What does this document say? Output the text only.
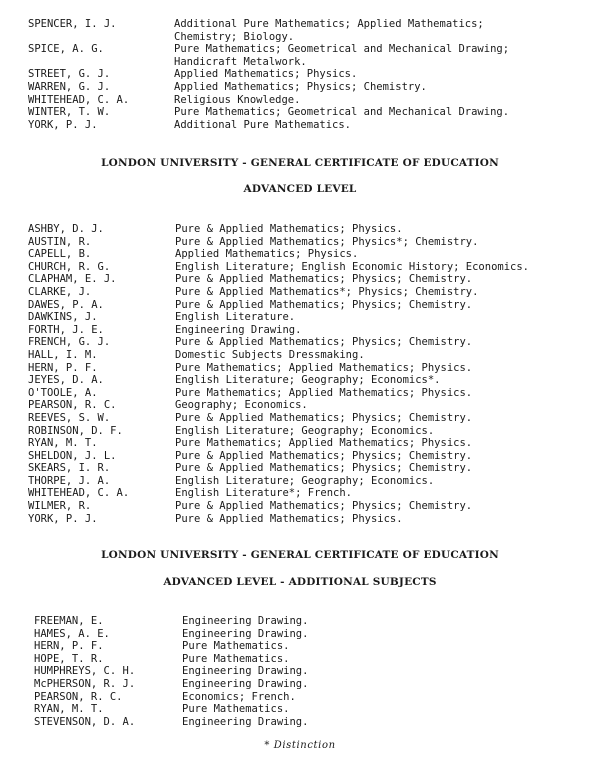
SPENCER, I. J.	Additional Pure Mathematics; Applied Mathematics;
Chemistry; Biology.
SPICE, A. G.	Pure Mathematics; Geometrical and Mechanical Drawing;
Handicraft Metalwork.
STREET, G. J.	Applied Mathematics; Physics.
WARREN, G. J.	Applied Mathematics; Physics; Chemistry.
WHITEHEAD, C. A.	Religious Knowledge.
WINTER, T. W.	Pure Mathematics; Geometrical and Mechanical Drawing.
YORK, P. J.	Additional Pure Mathematics.
LONDON UNIVERSITY - GENERAL CERTIFICATE OF EDUCATION
ADVANCED LEVEL
ASHBY, D. J.	Pure & Applied Mathematics; Physics.
AUSTIN, R.	Pure & Applied Mathematics; Physics*; Chemistry.
CAPELL, B.	Applied Mathematics; Physics.
CHURCH, R. G.	English Literature; English Economic History; Economics.
CLAPHAM, E. J.	Pure & Applied Mathematics; Physics; Chemistry.
CLARKE, J.	Pure & Applied Mathematics*; Physics; Chemistry.
DAWES, P. A.	Pure & Applied Mathematics; Physics; Chemistry.
DAWKINS, J.	English Literature.
FORTH, J. E.	Engineering Drawing.
FRENCH, G. J.	Pure & Applied Mathematics; Physics; Chemistry.
HALL, I. M.	Domestic Subjects Dressmaking.
HERN, P. F.	Pure Mathematics; Applied Mathematics; Physics.
JEYES, D. A.	English Literature; Geography; Economics*.
O'TOOLE, A.	Pure Mathematics; Applied Mathematics; Physics.
PEARSON, R. C.	Geography; Economics.
REEVES, S. W.	Pure & Applied Mathematics; Physics; Chemistry.
ROBINSON, D. F.	English Literature; Geography; Economics.
RYAN, M. T.	Pure Mathematics; Applied Mathematics; Physics.
SHELDON, J. L.	Pure & Applied Mathematics; Physics; Chemistry.
SKEARS, I. R.	Pure & Applied Mathematics; Physics; Chemistry.
THORPE, J. A.	English Literature; Geography; Economics.
WHITEHEAD, C. A.	English Literature*; French.
WILMER, R.	Pure & Applied Mathematics; Physics; Chemistry.
YORK, P. J.	Pure & Applied Mathematics; Physics.
LONDON UNIVERSITY - GENERAL CERTIFICATE OF EDUCATION
ADVANCED LEVEL - ADDITIONAL SUBJECTS
FREEMAN, E.	Engineering Drawing.
HAMES, A. E.	Engineering Drawing.
HERN, P. F.	Pure Mathematics.
HOPE, T. R.	Pure Mathematics.
HUMPHREYS, C. H.	Engineering Drawing.
McPHERSON, R. J.	Engineering Drawing.
PEARSON, R. C.	Economics; French.
RYAN, M. T.	Pure Mathematics.
STEVENSON, D. A.	Engineering Drawing.
* Distinction
